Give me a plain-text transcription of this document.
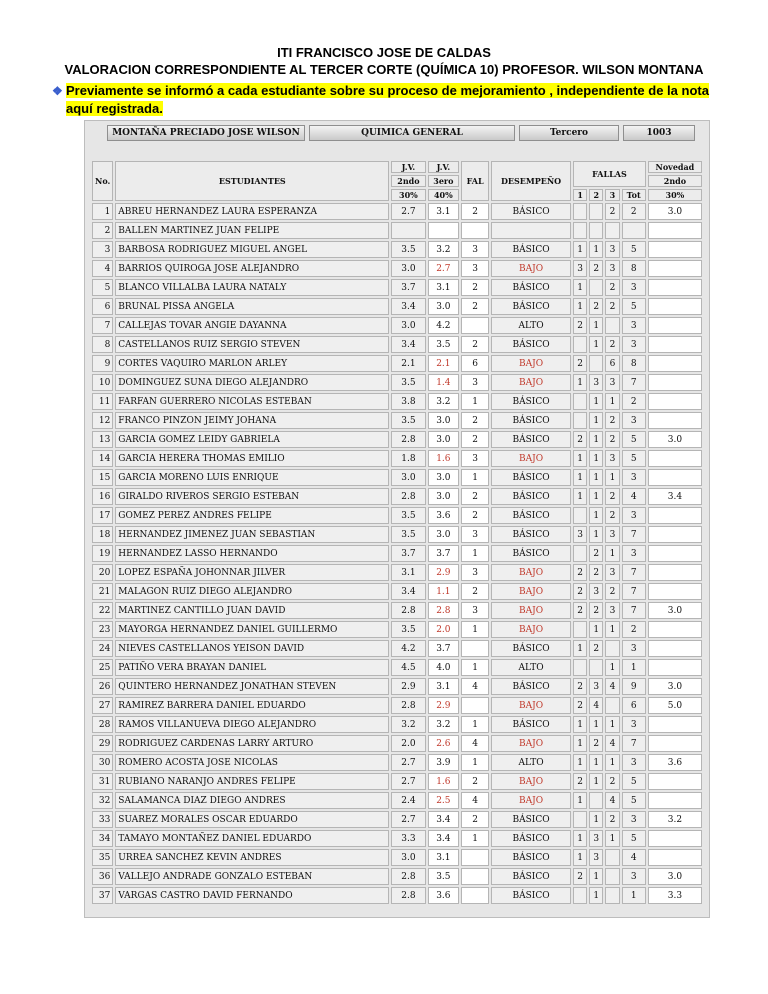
ITI FRANCISCO JOSE DE CALDAS
VALORACION CORRESPONDIENTE AL TERCER CORTE (QUÍMICA 10) PROFESOR. WILSON MONTANA
❖ Previamente se informó a cada estudiante sobre su proceso de mejoramiento , independiente de la nota aquí registrada.
MONTAÑA PRECIADO JOSE WILSON	QUIMICA GENERAL	Tercero	1003
No.	ESTUDIANTES	J.V.	J.V.	FAL	DESEMPEÑO	FALLAS				Novedad
		2ndo	3ero							2ndo
		30%	40%			1	2	3	Tot	30%
1	ABREU HERNANDEZ LAURA ESPERANZA	2.7	3.1	2	BÁSICO			2	2	3.0
2	BALLEN MARTINEZ JUAN FELIPE									
3	BARBOSA RODRIGUEZ MIGUEL ANGEL	3.5	3.2	3	BÁSICO	1	1	3	5	
4	BARRIOS QUIROGA JOSE ALEJANDRO	3.0	2.7	3	BAJO	3	2	3	8	
5	BLANCO VILLALBA LAURA NATALY	3.7	3.1	2	BÁSICO	1		2	3	
6	BRUNAL PISSA ANGELA	3.4	3.0	2	BÁSICO	1	2	2	5	
7	CALLEJAS TOVAR ANGIE DAYANNA	3.0	4.2		ALTO	2	1		3	
8	CASTELLANOS RUIZ SERGIO STEVEN	3.4	3.5	2	BÁSICO		1	2	3	
9	CORTES VAQUIRO MARLON ARLEY	2.1	2.1	6	BAJO	2		6	8	
10	DOMINGUEZ SUNA DIEGO ALEJANDRO	3.5	1.4	3	BAJO	1	3	3	7	
11	FARFAN GUERRERO NICOLAS ESTEBAN	3.8	3.2	1	BÁSICO		1	1	2	
12	FRANCO PINZON JEIMY JOHANA	3.5	3.0	2	BÁSICO		1	2	3	
13	GARCIA GOMEZ LEIDY GABRIELA	2.8	3.0	2	BÁSICO	2	1	2	5	3.0
14	GARCIA HERERA THOMAS EMILIO	1.8	1.6	3	BAJO	1	1	3	5	
15	GARCIA MORENO LUIS ENRIQUE	3.0	3.0	1	BÁSICO	1	1	1	3	
16	GIRALDO RIVEROS SERGIO ESTEBAN	2.8	3.0	2	BÁSICO	1	1	2	4	3.4
17	GOMEZ PEREZ ANDRES FELIPE	3.5	3.6	2	BÁSICO		1	2	3	
18	HERNANDEZ JIMENEZ JUAN SEBASTIAN	3.5	3.0	3	BÁSICO	3	1	3	7	
19	HERNANDEZ LASSO HERNANDO	3.7	3.7	1	BÁSICO		2	1	3	
20	LOPEZ ESPAÑA JOHONNAR JILVER	3.1	2.9	3	BAJO	2	2	3	7	
21	MALAGON RUIZ DIEGO ALEJANDRO	3.4	1.1	2	BAJO	2	3	2	7	
22	MARTINEZ CANTILLO JUAN DAVID	2.8	2.8	3	BAJO	2	2	3	7	3.0
23	MAYORGA HERNANDEZ DANIEL GUILLERMO	3.5	2.0	1	BAJO		1	1	2	
24	NIEVES CASTELLANOS YEISON DAVID	4.2	3.7		BÁSICO	1	2		3	
25	PATIÑO VERA BRAYAN DANIEL	4.5	4.0	1	ALTO			1	1	
26	QUINTERO HERNANDEZ JONATHAN STEVEN	2.9	3.1	4	BÁSICO	2	3	4	9	3.0
27	RAMIREZ BARRERA DANIEL EDUARDO	2.8	2.9		BAJO	2	4		6	5.0
28	RAMOS VILLANUEVA DIEGO ALEJANDRO	3.2	3.2	1	BÁSICO	1	1	1	3	
29	RODRIGUEZ CARDENAS LARRY ARTURO	2.0	2.6	4	BAJO	1	2	4	7	
30	ROMERO ACOSTA JOSE NICOLAS	2.7	3.9	1	ALTO	1	1	1	3	3.6
31	RUBIANO NARANJO ANDRES FELIPE	2.7	1.6	2	BAJO	2	1	2	5	
32	SALAMANCA DIAZ DIEGO ANDRES	2.4	2.5	4	BAJO	1		4	5	
33	SUAREZ MORALES OSCAR EDUARDO	2.7	3.4	2	BÁSICO		1	2	3	3.2
34	TAMAYO MONTAÑEZ DANIEL EDUARDO	3.3	3.4	1	BÁSICO	1	3	1	5	
35	URREA SANCHEZ KEVIN ANDRES	3.0	3.1		BÁSICO	1	3		4	
36	VALLEJO ANDRADE GONZALO ESTEBAN	2.8	3.5		BÁSICO	2	1		3	3.0
37	VARGAS CASTRO DAVID FERNANDO	2.8	3.6		BÁSICO		1		1	3.3
